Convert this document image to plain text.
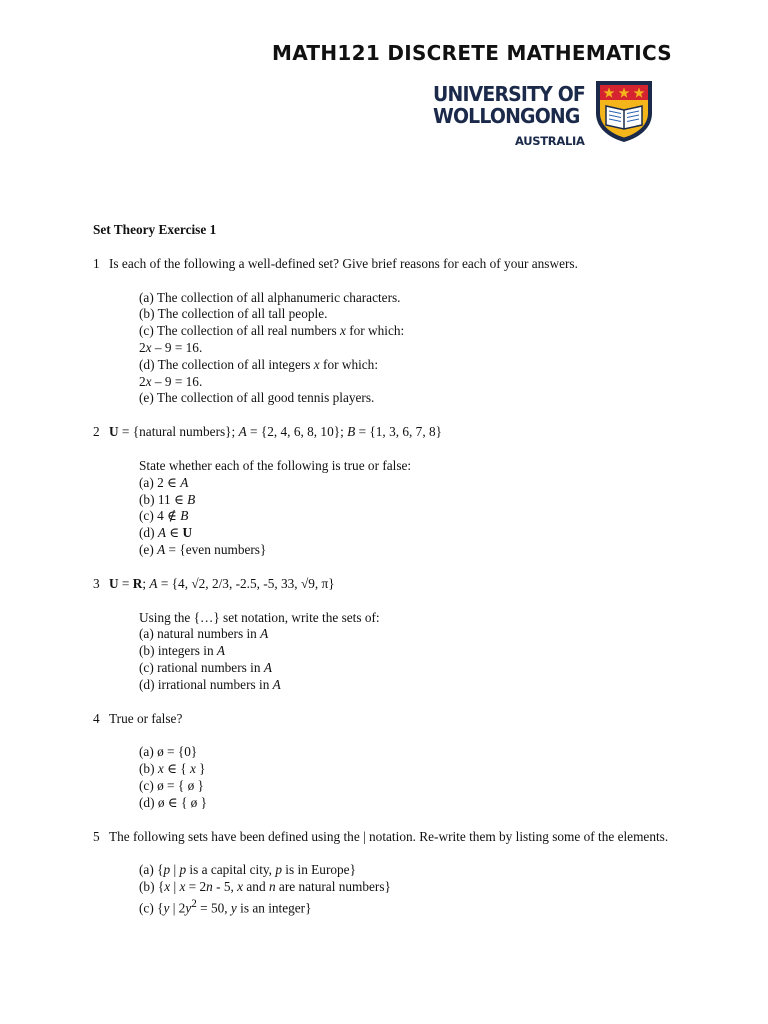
MATH121 DISCRETE MATHEMATICS
UNIVERSITY OF
WOLLONGONG
AUSTRALIA
Set Theory Exercise 1
1 Is each of the following a well-defined set? Give brief reasons for each of your answers.
(a) The collection of all alphanumeric characters.
(b) The collection of all tall people.
(c) The collection of all real numbers x for which:
2x – 9 = 16.
(d) The collection of all integers x for which:
2x – 9 = 16.
(e) The collection of all good tennis players.
2 U = {natural numbers}; A = {2, 4, 6, 8, 10}; B = {1, 3, 6, 7, 8}
State whether each of the following is true or false:
(a) 2 ∈ A
(b) 11 ∈ B
(c) 4 ∉ B
(d) A ∈ U
(e) A = {even numbers}
3 U = R; A = {4, √2, 2/3, -2.5, -5, 33, √9, π}
Using the {…} set notation, write the sets of:
(a) natural numbers in A
(b) integers in A
(c) rational numbers in A
(d) irrational numbers in A
4 True or false?
(a) ø = {0}
(b) x ∈ { x }
(c) ø = { ø }
(d) ø ∈ { ø }
5 The following sets have been defined using the | notation. Re-write them by listing some of the elements.
(a) {p | p is a capital city, p is in Europe}
(b) {x | x = 2n - 5, x and n are natural numbers}
(c) {y | $2y^2 = 50$, y is an integer}
